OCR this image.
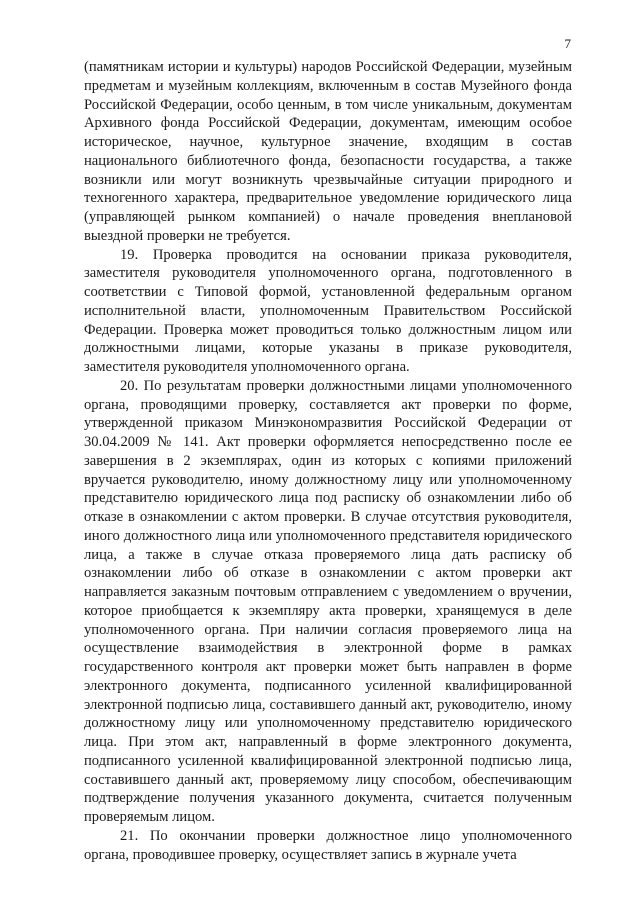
7

(памятникам истории и культуры) народов Российской Федерации, музейным предметам и музейным коллекциям, включенным в состав Музейного фонда Российской Федерации, особо ценным, в том числе уникальным, документам Архивного фонда Российской Федерации, документам, имеющим особое историческое, научное, культурное значение, входящим в состав национального библиотечного фонда, безопасности государства, а также возникли или могут возникнуть чрезвычайные ситуации природного и техногенного характера, предварительное уведомление юридического лица (управляющей рынком компанией) о начале проведения внеплановой выездной проверки не требуется.

19. Проверка проводится на основании приказа руководителя, заместителя руководителя уполномоченного органа, подготовленного в соответствии с Типовой формой, установленной федеральным органом исполнительной власти, уполномоченным Правительством Российской Федерации. Проверка может проводиться только должностным лицом или должностными лицами, которые указаны в приказе руководителя, заместителя руководителя уполномоченного органа.

20. По результатам проверки должностными лицами уполномоченного органа, проводящими проверку, составляется акт проверки по форме, утвержденной приказом Минэкономразвития Российской Федерации от 30.04.2009 № 141. Акт проверки оформляется непосредственно после ее завершения в 2 экземплярах, один из которых с копиями приложений вручается руководителю, иному должностному лицу или уполномоченному представителю юридического лица под расписку об ознакомлении либо об отказе в ознакомлении с актом проверки. В случае отсутствия руководителя, иного должностного лица или уполномоченного представителя юридического лица, а также в случае отказа проверяемого лица дать расписку об ознакомлении либо об отказе в ознакомлении с актом проверки акт направляется заказным почтовым отправлением с уведомлением о вручении, которое приобщается к экземпляру акта проверки, хранящемуся в деле уполномоченного органа. При наличии согласия проверяемого лица на осуществление взаимодействия в электронной форме в рамках государственного контроля акт проверки может быть направлен в форме электронного документа, подписанного усиленной квалифицированной электронной подписью лица, составившего данный акт, руководителю, иному должностному лицу или уполномоченному представителю юридического лица. При этом акт, направленный в форме электронного документа, подписанного усиленной квалифицированной электронной подписью лица, составившего данный акт, проверяемому лицу способом, обеспечивающим подтверждение получения указанного документа, считается полученным проверяемым лицом.

21. По окончании проверки должностное лицо уполномоченного органа, проводившее проверку, осуществляет запись в журнале учета
